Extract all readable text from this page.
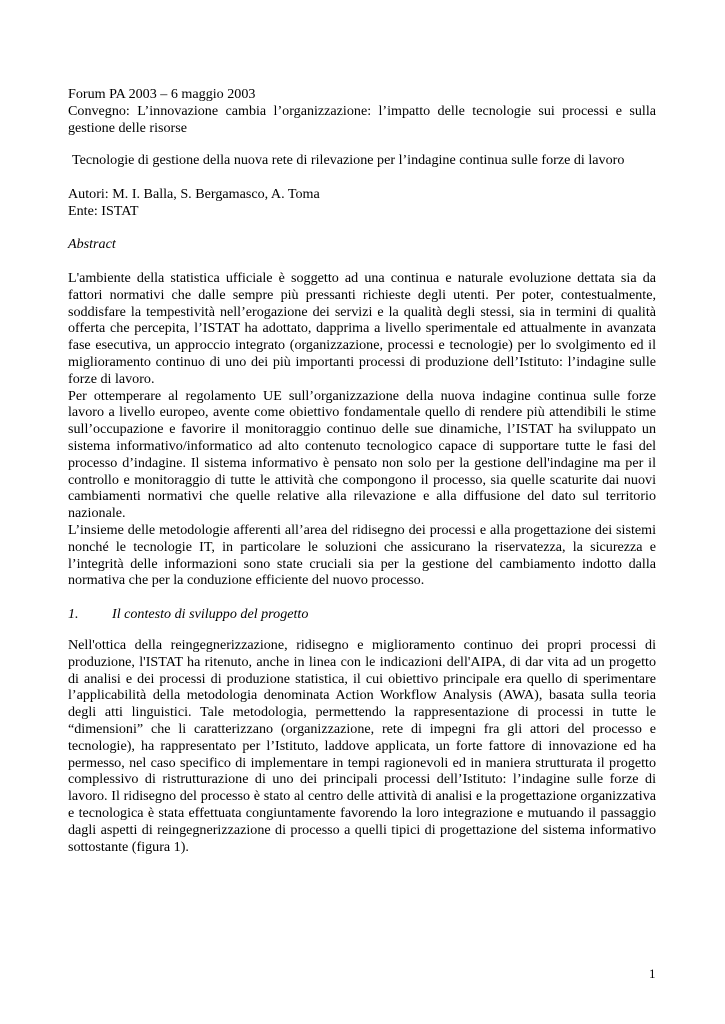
Forum PA 2003 – 6 maggio 2003
Convegno: L’innovazione cambia l’organizzazione: l’impatto delle tecnologie sui processi e sulla gestione delle risorse
Tecnologie di gestione della nuova rete di rilevazione per l’indagine continua sulle forze di lavoro
Autori: M. I. Balla, S. Bergamasco, A. Toma
Ente: ISTAT
Abstract

L'ambiente della statistica ufficiale è soggetto ad una continua e naturale evoluzione dettata sia da fattori normativi che dalle sempre più pressanti richieste degli utenti. Per poter, contestualmente, soddisfare la tempestività nell’erogazione dei servizi e la qualità degli stessi, sia in termini di qualità offerta che percepita, l’ISTAT ha adottato, dapprima a livello sperimentale ed attualmente in avanzata fase esecutiva, un approccio integrato (organizzazione, processi e tecnologie) per lo svolgimento ed il miglioramento continuo di uno dei più importanti processi di produzione dell’Istituto: l’indagine sulle forze di lavoro.

Per ottemperare al regolamento UE sull’organizzazione della nuova indagine continua sulle forze lavoro a livello europeo, avente come obiettivo fondamentale quello di rendere più attendibili le stime sull’occupazione e favorire il monitoraggio continuo delle sue dinamiche, l’ISTAT ha sviluppato un sistema informativo/informatico ad alto contenuto tecnologico capace di supportare tutte le fasi del processo d’indagine. Il sistema informativo è pensato non solo per la gestione dell'indagine ma per il controllo e monitoraggio di tutte le attività che compongono il processo, sia quelle scaturite dai nuovi cambiamenti normativi che quelle relative alla rilevazione e alla diffusione del dato sul territorio nazionale.

L’insieme delle metodologie afferenti all’area del ridisegno dei processi e alla progettazione dei sistemi nonché le tecnologie IT, in particolare le soluzioni che assicurano la riservatezza, la sicurezza e l’integrità delle informazioni sono state cruciali sia per la gestione del cambiamento indotto dalla normativa che per la conduzione efficiente del nuovo processo.

1. Il contesto di sviluppo del progetto

Nell'ottica della reingegnerizzazione, ridisegno e miglioramento continuo dei propri processi di produzione, l'ISTAT ha ritenuto, anche in linea con le indicazioni dell'AIPA, di dar vita ad un progetto di analisi e dei processi di produzione statistica, il cui obiettivo principale era quello di sperimentare l’applicabilità della metodologia denominata Action Workflow Analysis (AWA), basata sulla teoria degli atti linguistici. Tale metodologia, permettendo la rappresentazione di processi in tutte le “dimensioni” che li caratterizzano (organizzazione, rete di impegni fra gli attori del processo e tecnologie), ha rappresentato per l’Istituto, laddove applicata, un forte fattore di innovazione ed ha permesso, nel caso specifico di implementare in tempi ragionevoli ed in maniera strutturata il progetto complessivo di ristrutturazione di uno dei principali processi dell’Istituto: l’indagine sulle forze di lavoro. Il ridisegno del processo è stato al centro delle attività di analisi e la progettazione organizzativa e tecnologica è stata effettuata congiuntamente favorendo la loro integrazione e mutuando il passaggio dagli aspetti di reingegnerizzazione di processo a quelli tipici di progettazione del sistema informativo sottostante (figura 1).

1
